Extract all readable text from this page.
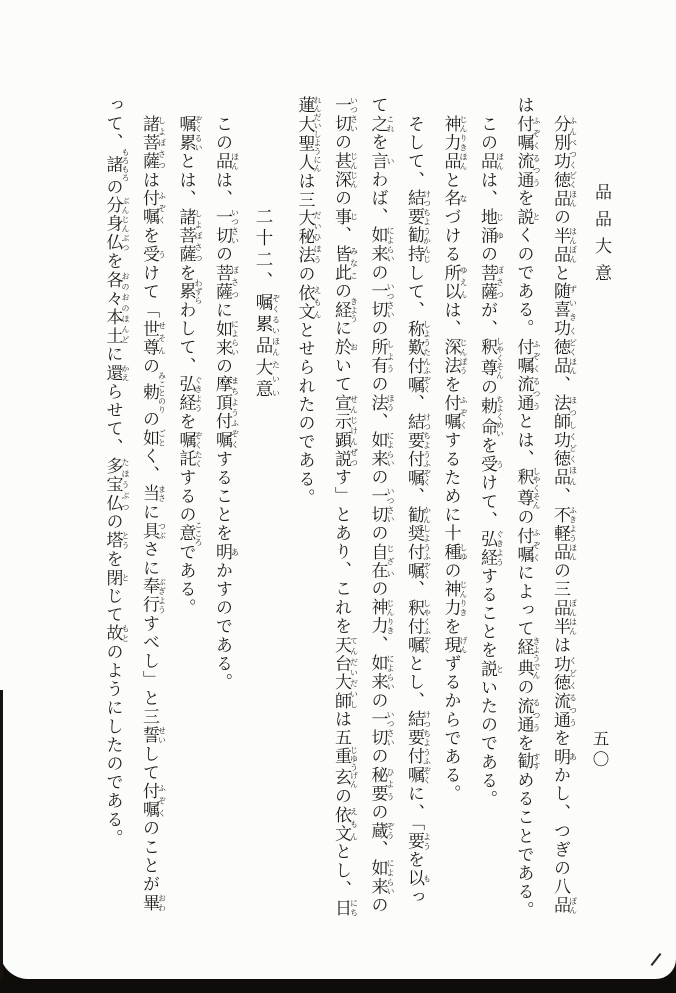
品品大意
五〇
分別功ふんべつく徳品どくほんの半品はんぼんと随喜功ずいきく徳品どくほん、法師ほつし功徳品くどくほん、不軽品ふきようほんの三品半ぼんはんは功徳流通くどくるつうを明あかし、つぎの八品ぽん
は付嘱流通ふぞくるつうを説とくのである。付嘱流通ふぞくるつうとは、釈尊しやくそんの付嘱ふぞくによって経典きようでんの流通るつうを勧すすめることである。
この品ほんは、地涌じゆの菩薩ぼさつが、釈尊しやくそんの勅命ちよくめいを受うけて、弘経ぐきようすることを説といたのである。
神力品じんりきほんと名なづける所以ゆえんは、深法じんぽうを付嘱ふぞくするために十種しゆの神力じんりきを現げんずるからである。
そして、結要勧持けつちようかんじして、称歎付嘱しようたんふぞく、結要付嘱けつちようふぞく、勧奨付嘱かんしようふぞく、釈付嘱しやくふぞくとし、結要付嘱けつちようふぞくに、「要ようを以もっ
て之これを言いわば、如来によらいの一切いつさいの所有しようの法ほう、如来によらいの一切いつさいの自在じざいの神力じんりき、如来によらいの一切いつさいの秘要ひようの蔵ぞう、如来によらいの
一切いつさいの甚深じんじんの事じ、皆此みなこの経きように於おいて宣示顕説せんじけんぜつす」とあり、これを天台大師てんだいだいしは五重玄じゆうげんの依文えもんとし、日にち
蓮大聖人れんだいしようにんは三大秘法だいひほうの依文えもんとせられたのである。
二十二、嘱累ぞくるい品ほん大意たいい
この品ほんは、一切いつさいの菩薩ぼさつに如来によらいの摩頂付嘱まちようふぞくすることを明あかすのである。
嘱累ぞくるいとは、諸菩薩しよぼさつを累わずらわして、弘経ぐきようを嘱託ぞくたくするの意こころである。
諸菩薩しよぼさつは付嘱ふぞくを受うけて「世尊せそんの勅みことのりの如ごとく、当まさに具つぶさに奉行ぶぎようすべし」と三誓せいして付嘱ふぞくのことが畢おわ
って、諸もろもろの分身仏ぶんじんぶつを各々本土おのおのほんどに還かえらせて、多宝仏たほうぶつの塔とうを閉とじて故もとのようにしたのである。
